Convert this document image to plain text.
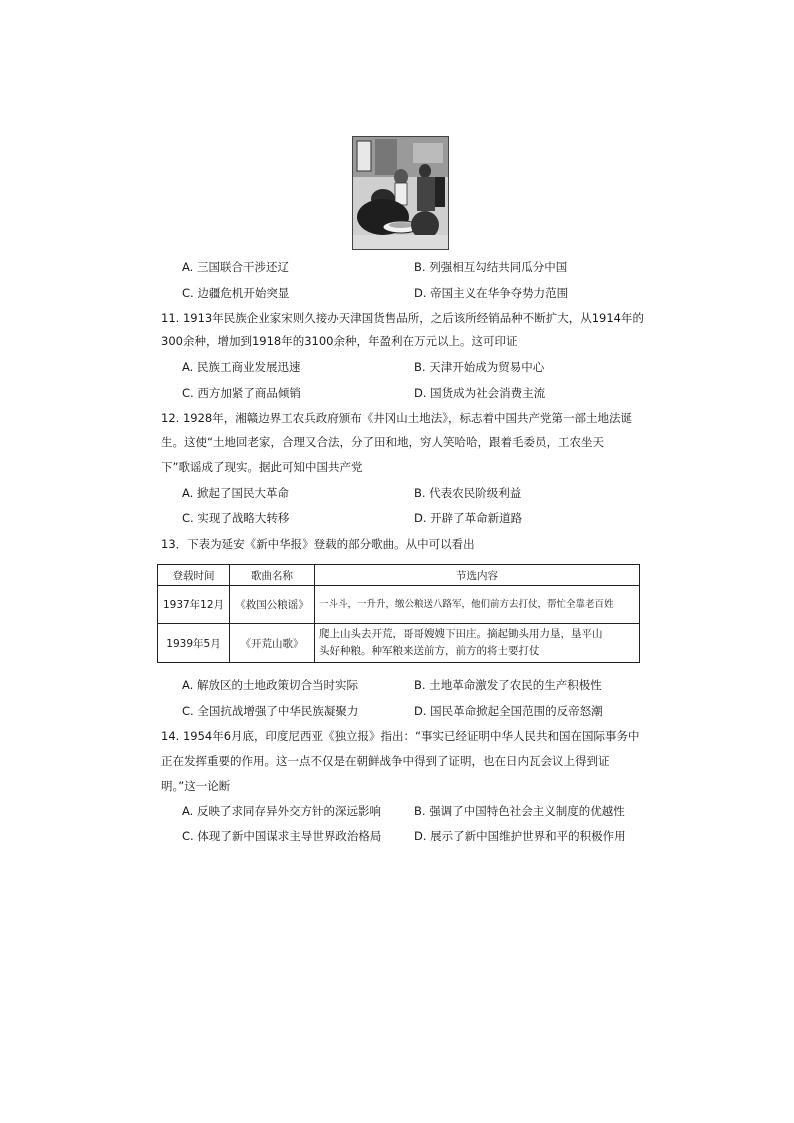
A. 三国联合干涉还辽	B. 列强相互勾结共同瓜分中国
C. 边疆危机开始突显	D. 帝国主义在华争夺势力范围
11. 1913年民族企业家宋则久接办天津国货售品所，之后该所经销品种不断扩大，从1914年的
300余种，增加到1918年的3100余种，年盈利在万元以上。这可印证
A. 民族工商业发展迅速	B. 天津开始成为贸易中心
C. 西方加紧了商品倾销	D. 国货成为社会消费主流
12. 1928年，湘赣边界工农兵政府颁布《井冈山土地法》，标志着中国共产党第一部土地法诞
生。这使“土地回老家，合理又合法，分了田和地，穷人笑哈哈，跟着毛委员，工农坐天
下”歌谣成了现实。据此可知中国共产党
A. 掀起了国民大革命	B. 代表农民阶级利益
C. 实现了战略大转移	D. 开辟了革命新道路
13．下表为延安《新中华报》登载的部分歌曲。从中可以看出
登载时间	歌曲名称	节选内容
1937年12月	《救国公粮谣》	一斗斗，一升升，缴公粮送八路军，他们前方去打仗，帮忙全靠老百姓
1939年5月	《开荒山歌》	爬上山头去开荒，哥哥嫂嫂下田庄。摘起锄头用力垦，垦平山
头好种粮。种军粮来送前方，前方的将士要打仗
A. 解放区的土地政策切合当时实际	B. 土地革命激发了农民的生产积极性
C. 全国抗战增强了中华民族凝聚力	D. 国民革命掀起全国范围的反帝怒潮
14. 1954年6月底，印度尼西亚《独立报》指出：“事实已经证明中华人民共和国在国际事务中
正在发挥重要的作用。这一点不仅是在朝鲜战争中得到了证明，也在日内瓦会议上得到证
明。”这一论断
A. 反映了求同存异外交方针的深远影响	B. 强调了中国特色社会主义制度的优越性
C. 体现了新中国谋求主导世界政治格局	D. 展示了新中国维护世界和平的积极作用
